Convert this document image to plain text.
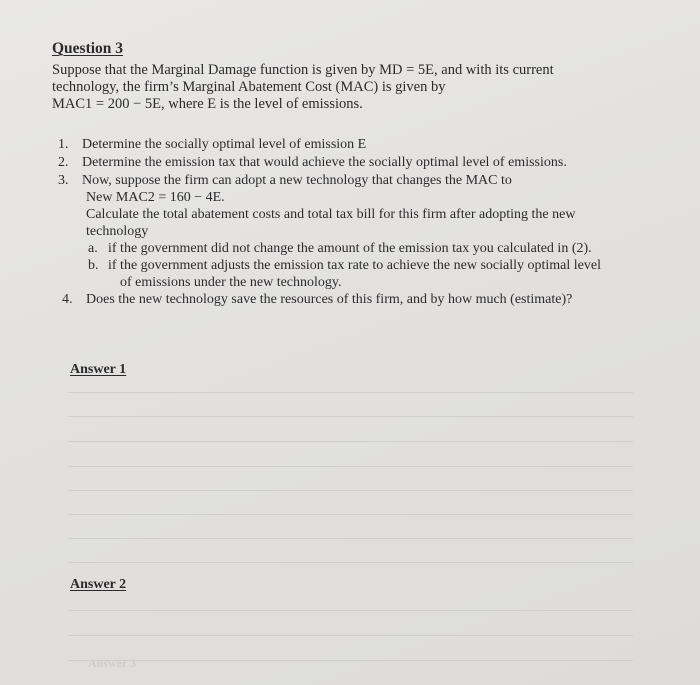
Question 3
Suppose that the Marginal Damage function is given by MD = 5E, and with its current
technology, the firm’s Marginal Abatement Cost (MAC) is given by
MAC1 = 200 − 5E, where E is the level of emissions.
1. Determine the socially optimal level of emission E
2. Determine the emission tax that would achieve the socially optimal level of emissions.
3. Now, suppose the firm can adopt a new technology that changes the MAC to
New MAC2 = 160 − 4E.
Calculate the total abatement costs and total tax bill for this firm after adopting the new
technology
a. if the government did not change the amount of the emission tax you calculated in (2).
b. if the government adjusts the emission tax rate to achieve the new socially optimal level
of emissions under the new technology.
4. Does the new technology save the resources of this firm, and by how much (estimate)?
Answer 1
Answer 2
Answer 3
